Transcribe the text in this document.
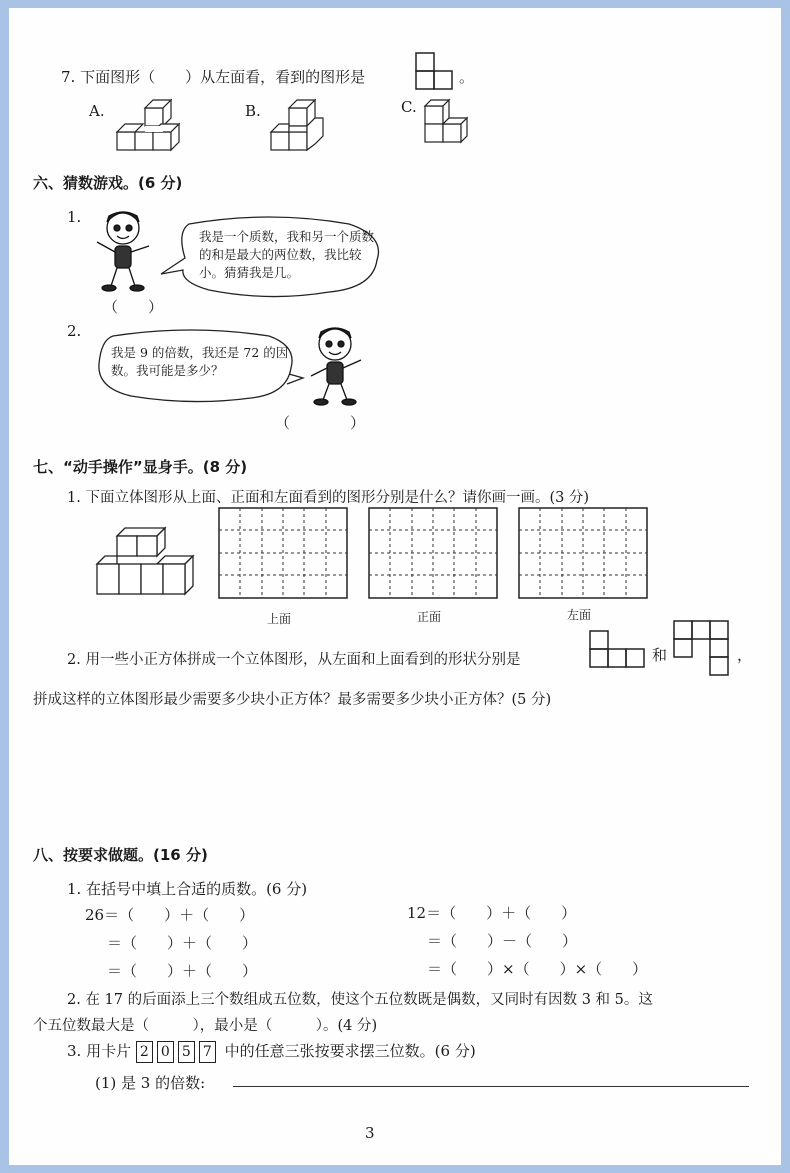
7. 下面图形（　　）从左面看，看到的图形是	。
A.	B.	C.
六、猜数游戏。(6 分)
1.
我是一个质数，我和另一个质数的和是最大的两位数，我比较小。猜猜我是几。
（　　）
2.
我是 9 的倍数，我还是 72 的因数。我可能是多少？
（　　　　）
七、“动手操作”显身手。(8 分)
1. 下面立体图形从上面、正面和左面看到的图形分别是什么？请你画一画。(3 分)
上面	正面	左面
2. 用一些小正方体拼成一个立体图形，从左面和上面看到的形状分别是	和	，
拼成这样的立体图形最少需要多少块小正方体？最多需要多少块小正方体？(5 分)
八、按要求做题。(16 分)
1. 在括号中填上合适的质数。(6 分)
26＝（　　）＋（　　）
＝（　　）＋（　　）
＝（　　）＋（　　）
12＝（　　）＋（　　）
＝（　　）－（　　）
＝（　　）×（　　）×（　　）
2. 在 17 的后面添上三个数组成五位数，使这个五位数既是偶数，又同时有因数 3 和 5。这
个五位数最大是（　　　），最小是（　　　）。(4 分)
3. 用卡片 2 0 5 7 中的任意三张按要求摆三位数。(6 分)
(1) 是 3 的倍数:
3
